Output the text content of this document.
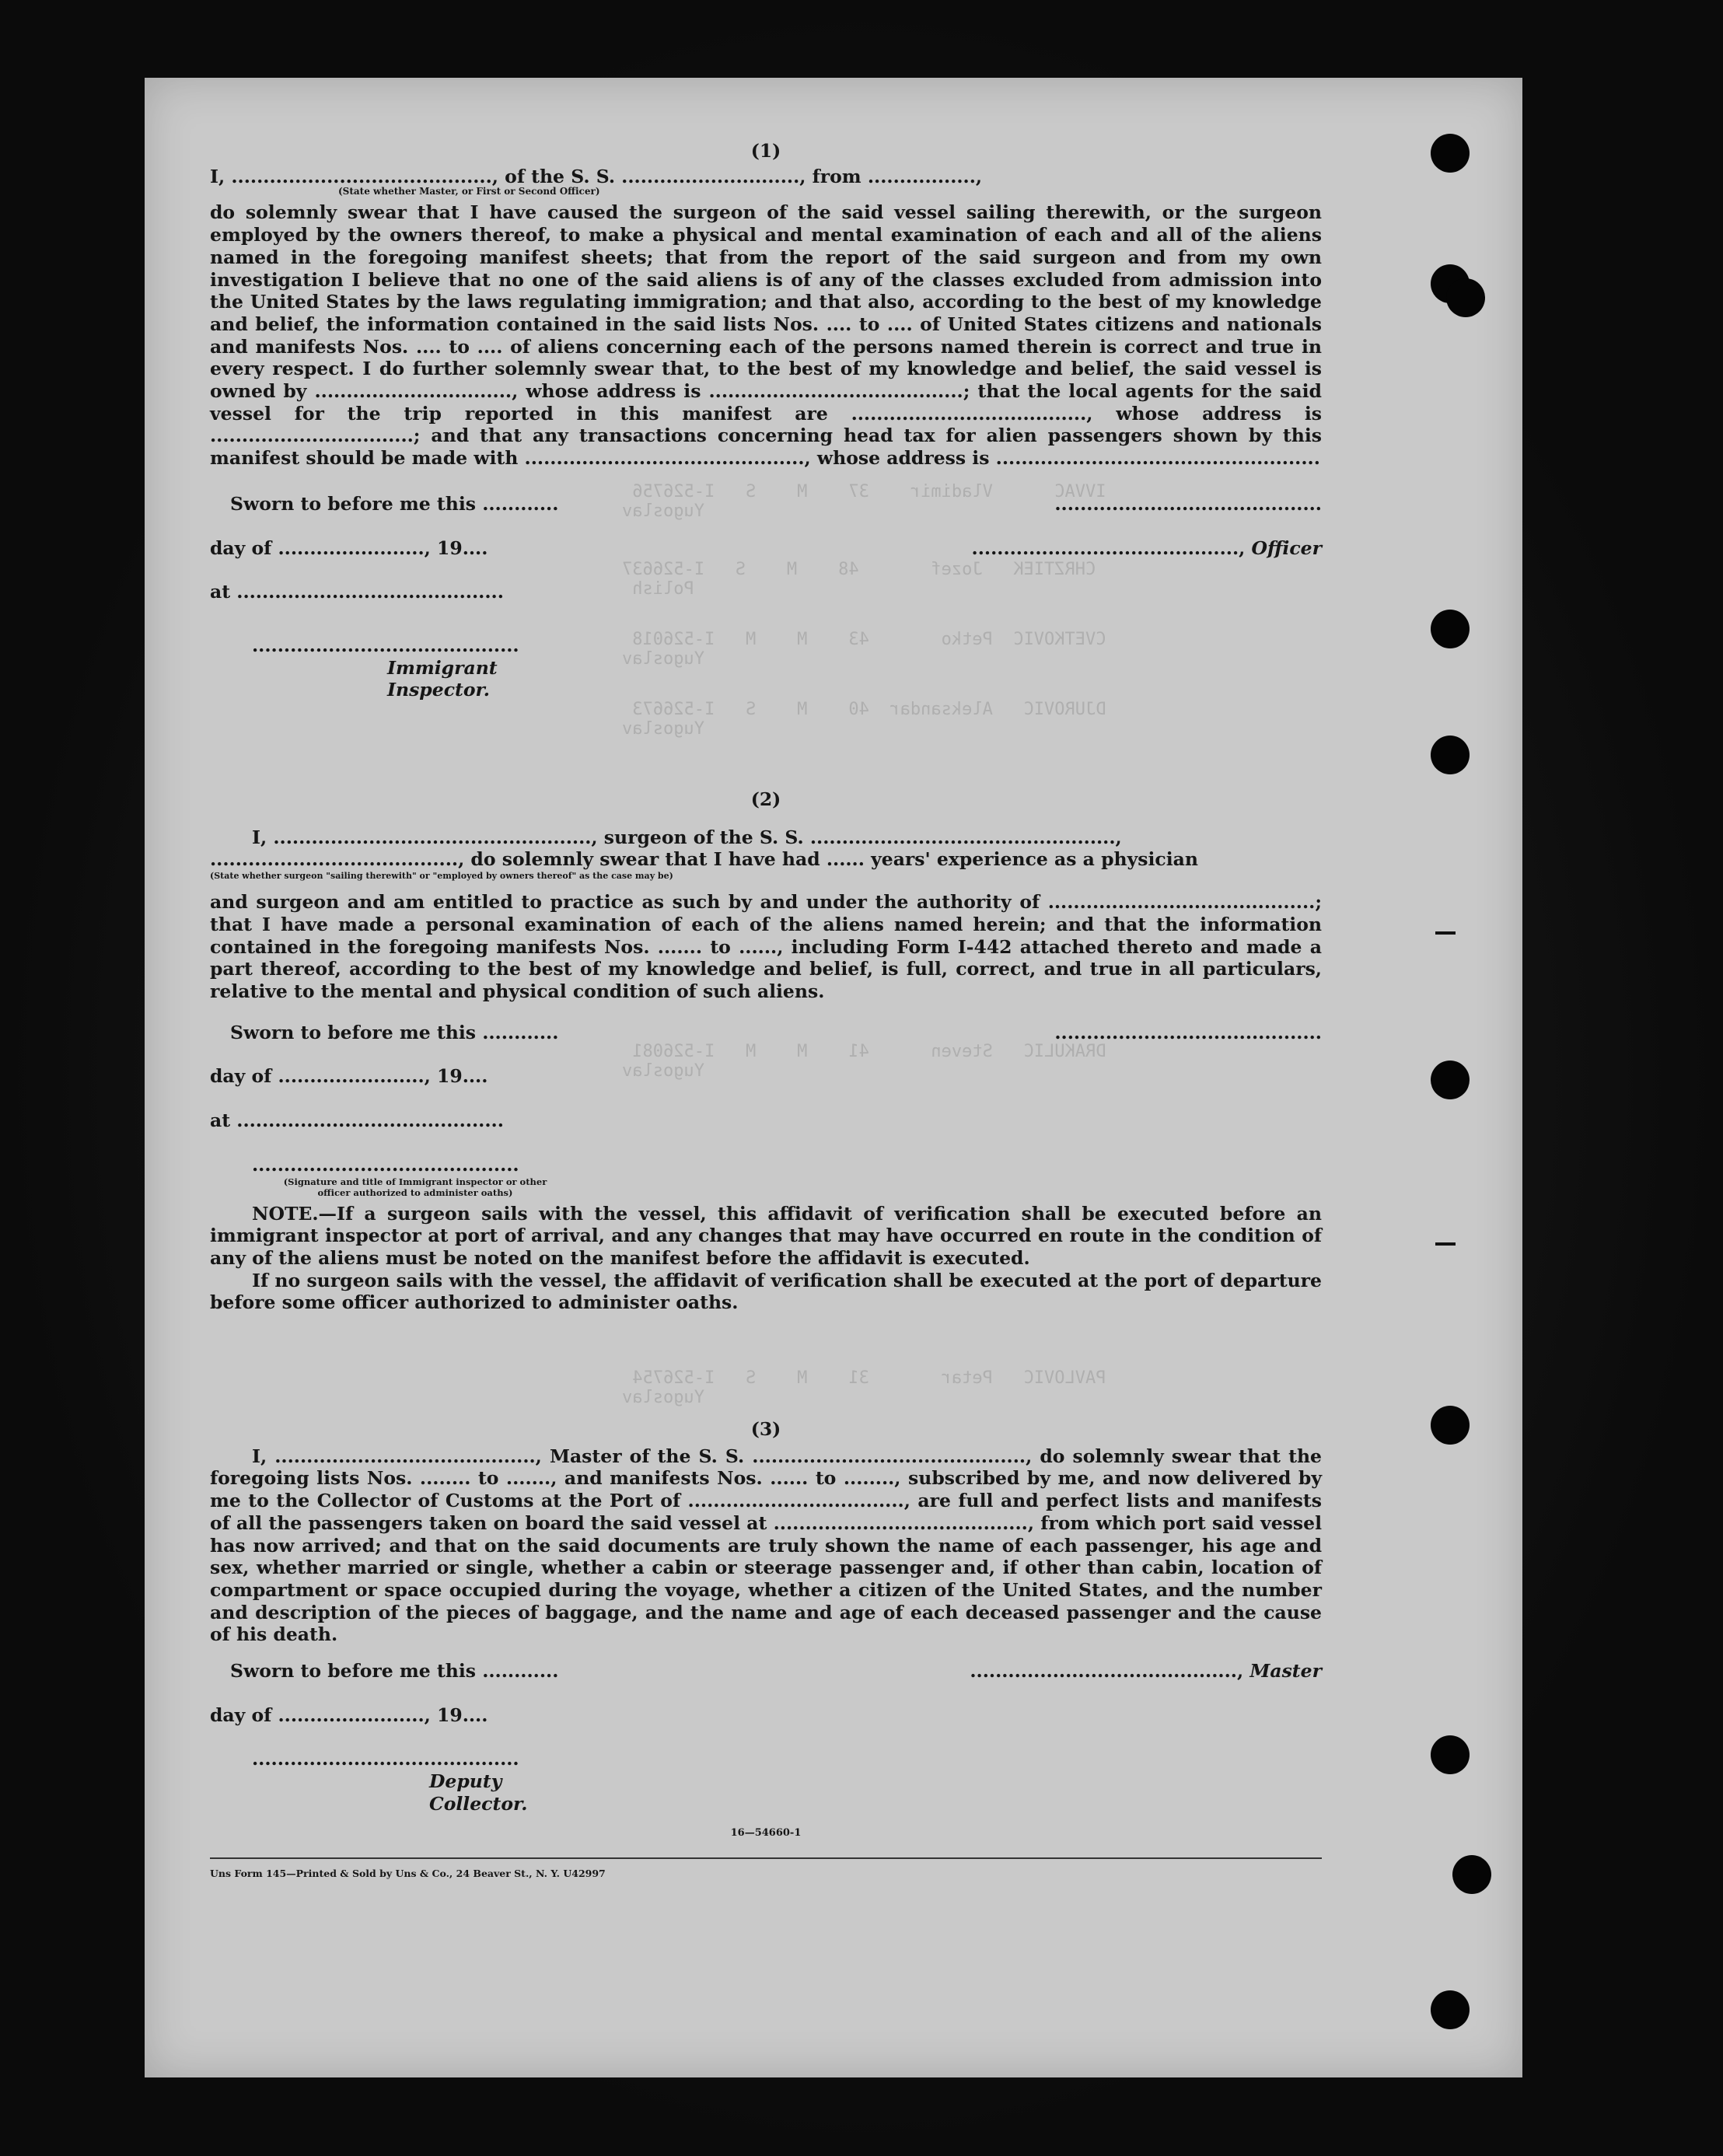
IVVAC      Vladimir    37    M    S   I-526756
Yugoslav
CHRZTIEK   Jozef       48    M    S   I-526637
Polish
CVETKOVIC  Petko       43    M    M   I-526018
Yugoslav
DJUROVIC   Aleksandar  40    M    S   I-526673
Yugoslav
DRAKULIC   Steven      41    M    M   I-526081
Yugoslav
PAVLOVIC   Petar       31    M    S   I-526754
Yugoslav

(1)

I, ........................................., of the S. S. ............................, from .................,
(State whether Master, or First or Second Officer)

do solemnly swear that I have caused the surgeon of the said vessel sailing therewith, or the surgeon employed by the owners thereof, to make a physical and mental examination of each and all of the aliens named in the foregoing manifest sheets; that from the report of the said surgeon and from my own investigation I believe that no one of the said aliens is of any of the classes excluded from admission into the United States by the laws regulating immigration; and that also, according to the best of my knowledge and belief, the information contained in the said lists Nos. .... to .... of United States citizens and nationals and manifests Nos. .... to .... of aliens concerning each of the persons named therein is correct and true in every respect. I do further solemnly swear that, to the best of my knowledge and belief, the said vessel is owned by ..............................., whose address is ........................................; that the local agents for the said vessel for the trip reported in this manifest are ....................................., whose address is ................................; and that any transactions concerning head tax for alien passengers shown by this manifest should be made with ............................................, whose address is ...................................................

Sworn to before me this ............
day of ......................., 19....
at ..........................................
..........................................
Immigrant Inspector.
..........................................
.........................................., Officer

(2)

I, .................................................., surgeon of the S. S. ................................................,
......................................., do solemnly swear that I have had ...... years' experience as a physician
(State whether surgeon "sailing therewith" or "employed by owners thereof" as the case may be)

and surgeon and am entitled to practice as such by and under the authority of ..........................................; that I have made a personal examination of each of the aliens named herein; and that the information contained in the foregoing manifests Nos. ....... to ......, including Form I-442 attached thereto and made a part thereof, according to the best of my knowledge and belief, is full, correct, and true in all particulars, relative to the mental and physical condition of such aliens.

Sworn to before me this ............
day of ......................., 19....
at ..........................................
..........................................
(Signature and title of Immigrant inspector or other officer authorized to administer oaths)
..........................................

NOTE.—If a surgeon sails with the vessel, this affidavit of verification shall be executed before an immigrant inspector at port of arrival, and any changes that may have occurred en route in the condition of any of the aliens must be noted on the manifest before the affidavit is executed.

If no surgeon sails with the vessel, the affidavit of verification shall be executed at the port of departure before some officer authorized to administer oaths.

(3)

I, ........................................., Master of the S. S. ..........................................., do solemnly swear that the foregoing lists Nos. ........ to ......., and manifests Nos. ...... to ........, subscribed by me, and now delivered by me to the Collector of Customs at the Port of .................................., are full and perfect lists and manifests of all the passengers taken on board the said vessel at ........................................, from which port said vessel has now arrived; and that on the said documents are truly shown the name of each passenger, his age and sex, whether married or single, whether a cabin or steerage passenger and, if other than cabin, location of compartment or space occupied during the voyage, whether a citizen of the United States, and the number and description of the pieces of baggage, and the name and age of each deceased passenger and the cause of his death.

Sworn to before me this ............
day of ......................., 19....
..........................................
Deputy Collector.
.........................................., Master
16—54660-1
Uns Form 145—Printed & Sold by Uns & Co., 24 Beaver St., N. Y. U42997
